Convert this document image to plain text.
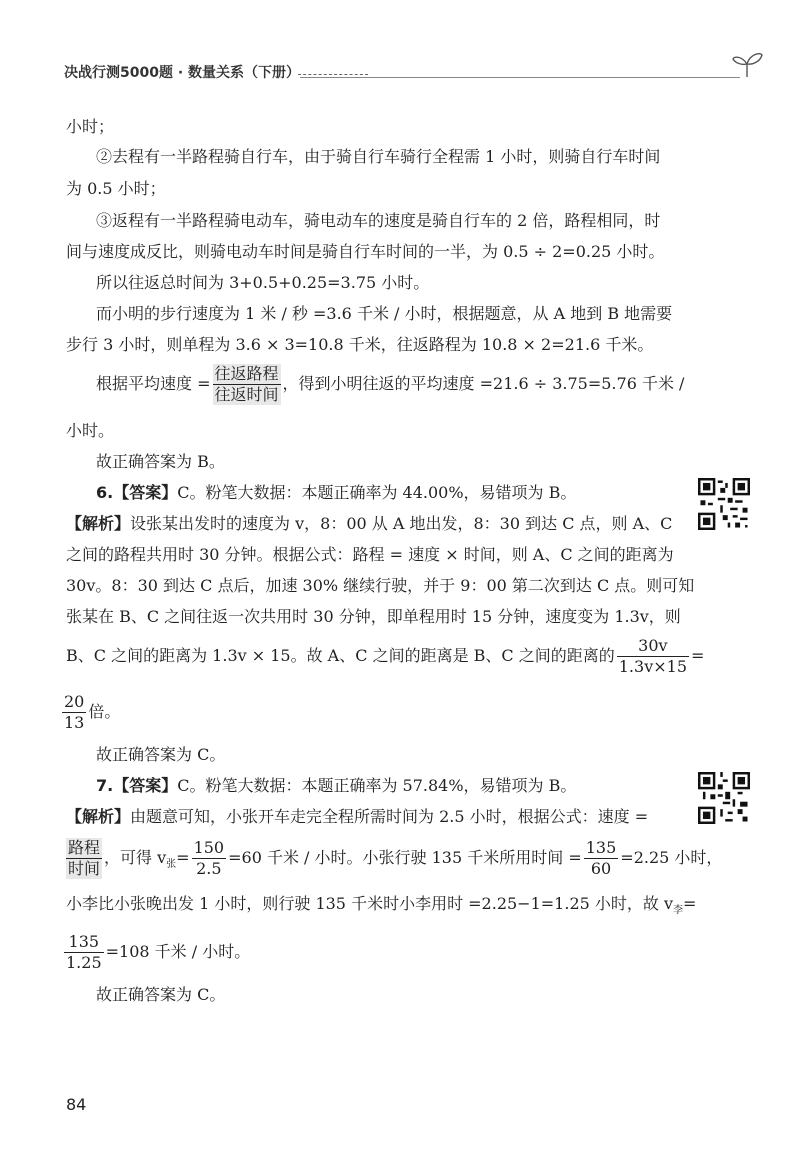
决战行测5000题 · 数量关系（下册）
小时；
②去程有一半路程骑自行车，由于骑自行车骑行全程需 1 小时，则骑自行车时间
为 0.5 小时；
③返程有一半路程骑电动车，骑电动车的速度是骑自行车的 2 倍，路程相同，时
间与速度成反比，则骑电动车时间是骑自行车时间的一半，为 0.5 ÷ 2=0.25 小时。
所以往返总时间为 3+0.5+0.25=3.75 小时。
而小明的步行速度为 1 米 / 秒 =3.6 千米 / 小时，根据题意，从 A 地到 B 地需要
步行 3 小时，则单程为 3.6 × 3=10.8 千米，往返路程为 10.8 × 2=21.6 千米。
根据平均速度 = $\frac{\text{往返路程}}{\text{往返时间}}$ ，得到小明往返的平均速度 =21.6 ÷ 3.75=5.76 千米 /
小时。
故正确答案为 B。
6.【答案】C。粉笔大数据：本题正确率为 44.00%，易错项为 B。
【解析】设张某出发时的速度为 v，8：00 从 A 地出发，8：30 到达 C 点，则 A、C
之间的路程共用时 30 分钟。根据公式：路程 = 速度 × 时间，则 A、C 之间的距离为
30v。8：30 到达 C 点后，加速 30% 继续行驶，并于 9：00 第二次到达 C 点。则可知
张某在 B、C 之间往返一次共用时 30 分钟，即单程用时 15 分钟，速度变为 1.3v，则
B、C 之间的距离为 1.3v × 15。故 A、C 之间的距离是 B、C 之间的距离的 $\frac{30v}{1.3v\times 15}$ =
$\frac{20}{13}$ 倍。
故正确答案为 C。
7.【答案】C。粉笔大数据：本题正确率为 57.84%，易错项为 B。
【解析】由题意可知，小张开车走完全程所需时间为 2.5 小时，根据公式：速度 =
$\frac{\text{路程}}{\text{时间}}$ ，可得 $v_张= \frac{150}{2.5} =60$ 千米 / 小时。小张行驶 135 千米所用时间 = $\frac{135}{60} =2.25$ 小时，
小李比小张晚出发 1 小时，则行驶 135 千米时小李用时 =2.25−1=1.25 小时，故 $v_李=$
$\frac{135}{1.25} =108$ 千米 / 小时。
故正确答案为 C。
84
